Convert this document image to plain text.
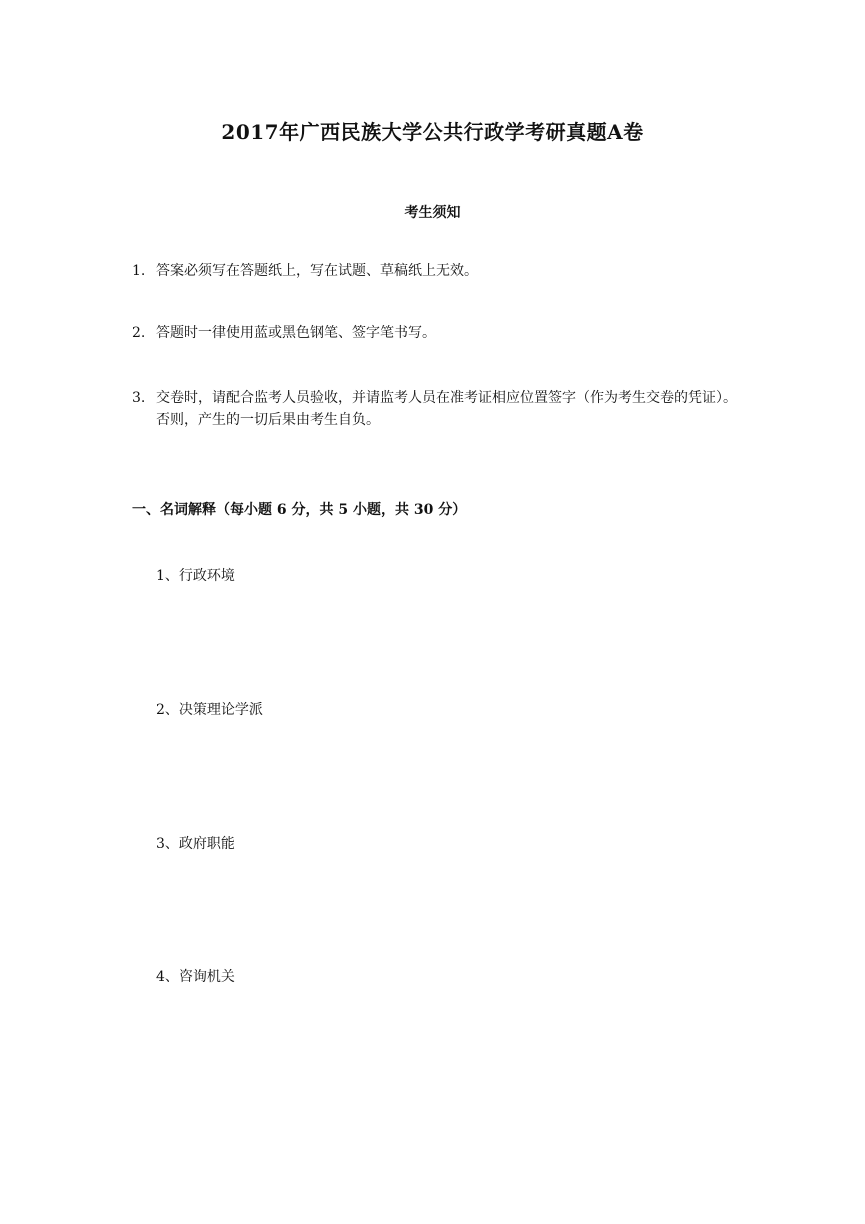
2017年广西民族大学公共行政学考研真题A卷
考生须知
1. 答案必须写在答题纸上，写在试题、草稿纸上无效。
2. 答题时一律使用蓝或黑色钢笔、签字笔书写。
3. 交卷时，请配合监考人员验收，并请监考人员在准考证相应位置签字（作为考生交卷的凭证）。否则，产生的一切后果由考生自负。
一、名词解释（每小题 6 分，共 5 小题，共 30 分）
1、行政环境
2、决策理论学派
3、政府职能
4、咨询机关
